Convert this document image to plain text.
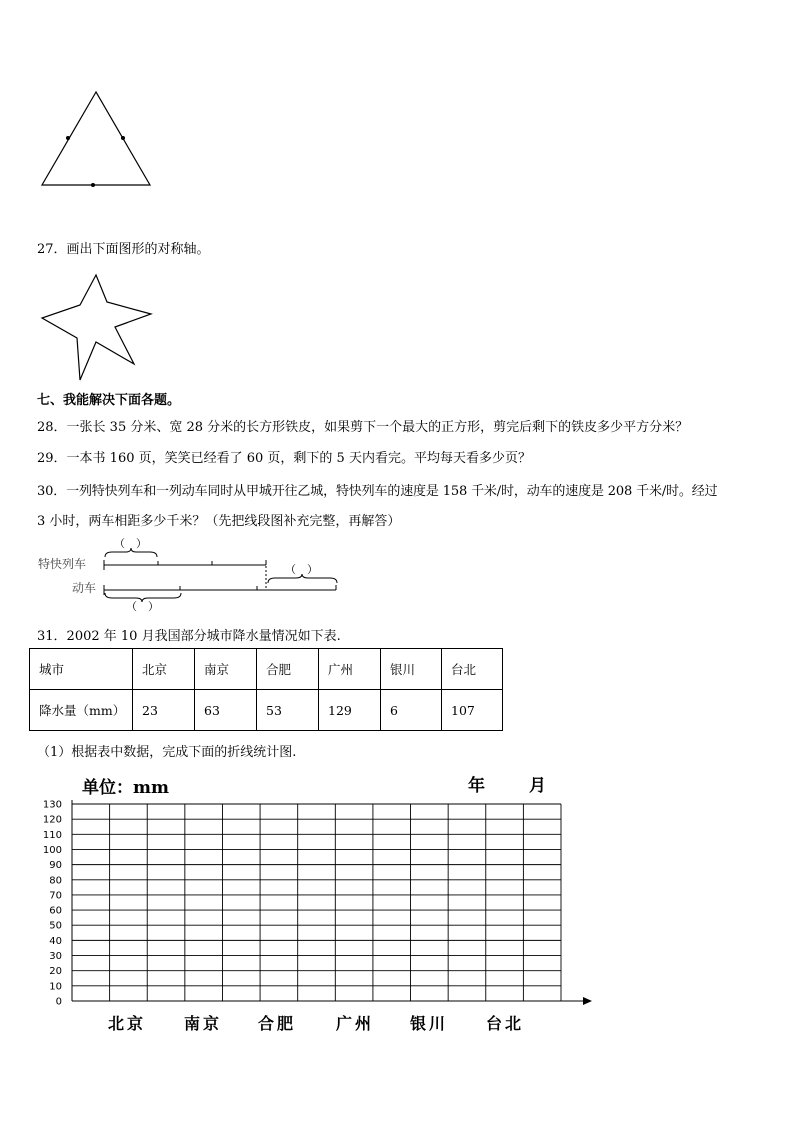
27．画出下面图形的对称轴。
七、我能解决下面各题。
28．一张长 35 分米、宽 28 分米的长方形铁皮，如果剪下一个最大的正方形，剪完后剩下的铁皮多少平方分米？
29．一本书 160 页，笑笑已经看了 60 页，剩下的 5 天内看完。平均每天看多少页？
30．一列特快列车和一列动车同时从甲城开往乙城，特快列车的速度是 158 千米/时，动车的速度是 208 千米/时。经过
3 小时，两车相距多少千米？（先把线段图补充完整，再解答）
特快列车
动车
（　）
（　）
（　）
31．2002 年 10 月我国部分城市降水量情况如下表.
城市	北京	南京	合肥	广州	银川	台北
降水量（mm）	23	63	53	129	6	107
（1）根据表中数据，完成下面的折线统计图.
单位：mm	年	月
0
10
20
30
40
50
60
70
80
90
100
110
120
130
北京 南京 合肥 广州 银川 台北
